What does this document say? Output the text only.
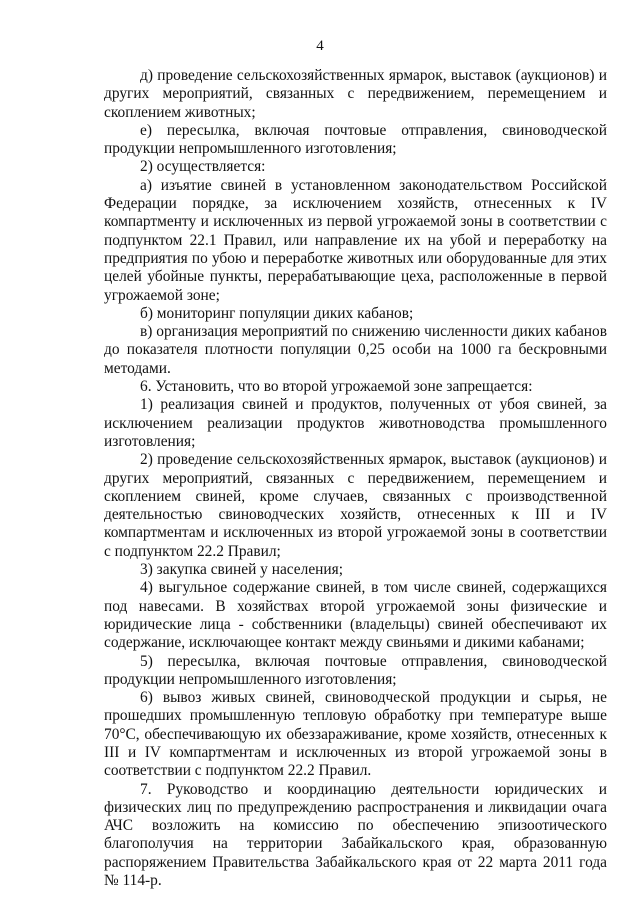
4

д) проведение сельскохозяйственных ярмарок, выставок (аукционов) и других мероприятий, связанных с передвижением, перемещением и скоплением животных;

е) пересылка, включая почтовые отправления, свиноводческой продукции непромышленного изготовления;

2) осуществляется:

а) изъятие свиней в установленном законодательством Российской Федерации порядке, за исключением хозяйств, отнесенных к IV компартменту и исключенных из первой угрожаемой зоны в соответствии с подпунктом 22.1 Правил, или направление их на убой и переработку на предприятия по убою и переработке животных или оборудованные для этих целей убойные пункты, перерабатывающие цеха, расположенные в первой угрожаемой зоне;

б) мониторинг популяции диких кабанов;

в) организация мероприятий по снижению численности диких кабанов до показателя плотности популяции 0,25 особи на 1000 га бескровными методами.

6. Установить, что во второй угрожаемой зоне запрещается:

1) реализация свиней и продуктов, полученных от убоя свиней, за исключением реализации продуктов животноводства промышленного изготовления;

2) проведение сельскохозяйственных ярмарок, выставок (аукционов) и других мероприятий, связанных с передвижением, перемещением и скоплением свиней, кроме случаев, связанных с производственной деятельностью свиноводческих хозяйств, отнесенных к III и IV компартментам и исключенных из второй угрожаемой зоны в соответствии с подпунктом 22.2 Правил;

3) закупка свиней у населения;

4) выгульное содержание свиней, в том числе свиней, содержащихся под навесами. В хозяйствах второй угрожаемой зоны физические и юридические лица - собственники (владельцы) свиней обеспечивают их содержание, исключающее контакт между свиньями и дикими кабанами;

5) пересылка, включая почтовые отправления, свиноводческой продукции непромышленного изготовления;

6) вывоз живых свиней, свиноводческой продукции и сырья, не прошедших промышленную тепловую обработку при температуре выше 70°С, обеспечивающую их обеззараживание, кроме хозяйств, отнесенных к III и IV компартментам и исключенных из второй угрожаемой зоны в соответствии с подпунктом 22.2 Правил.

7. Руководство и координацию деятельности юридических и физических лиц по предупреждению распространения и ликвидации очага АЧС возложить на комиссию по обеспечению эпизоотического благополучия на территории Забайкальского края, образованную распоряжением Правительства Забайкальского края от 22 марта 2011 года № 114-р.
